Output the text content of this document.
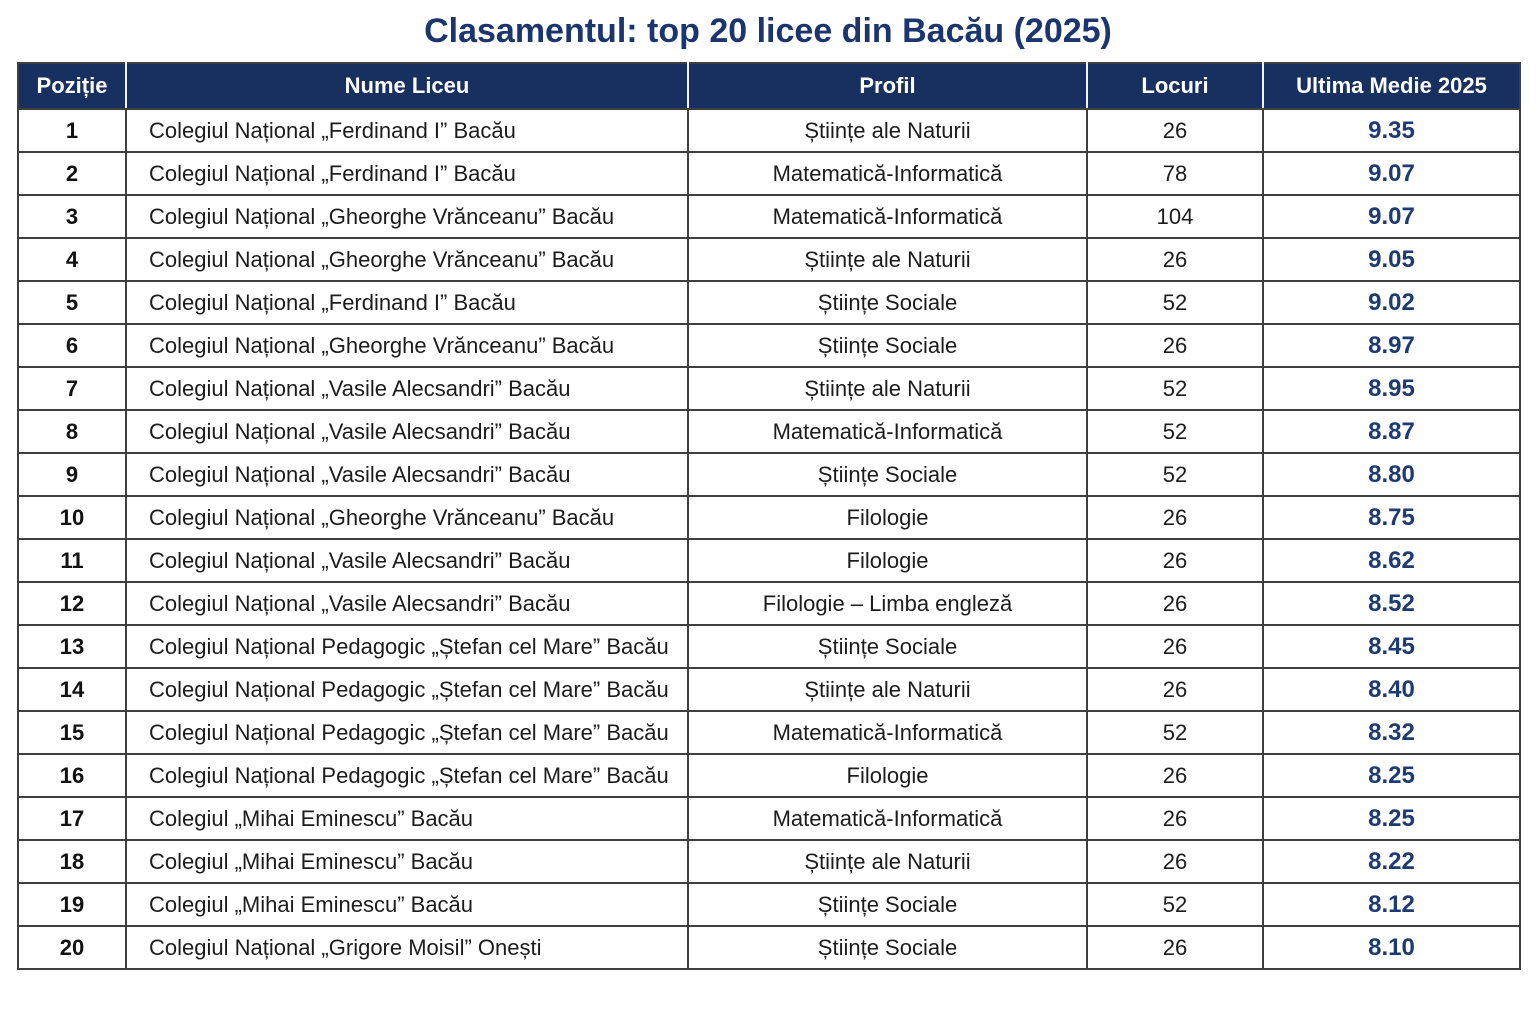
Clasamentul: top 20 licee din Bacău (2025)
Poziție	Nume Liceu	Profil	Locuri	Ultima Medie 2025
1	Colegiul Național „Ferdinand I” Bacău	Științe ale Naturii	26	9.35
2	Colegiul Național „Ferdinand I” Bacău	Matematică-Informatică	78	9.07
3	Colegiul Național „Gheorghe Vrănceanu” Bacău	Matematică-Informatică	104	9.07
4	Colegiul Național „Gheorghe Vrănceanu” Bacău	Științe ale Naturii	26	9.05
5	Colegiul Național „Ferdinand I” Bacău	Științe Sociale	52	9.02
6	Colegiul Național „Gheorghe Vrănceanu” Bacău	Științe Sociale	26	8.97
7	Colegiul Național „Vasile Alecsandri” Bacău	Științe ale Naturii	52	8.95
8	Colegiul Național „Vasile Alecsandri” Bacău	Matematică-Informatică	52	8.87
9	Colegiul Național „Vasile Alecsandri” Bacău	Științe Sociale	52	8.80
10	Colegiul Național „Gheorghe Vrănceanu” Bacău	Filologie	26	8.75
11	Colegiul Național „Vasile Alecsandri” Bacău	Filologie	26	8.62
12	Colegiul Național „Vasile Alecsandri” Bacău	Filologie – Limba engleză	26	8.52
13	Colegiul Național Pedagogic „Ștefan cel Mare” Bacău	Științe Sociale	26	8.45
14	Colegiul Național Pedagogic „Ștefan cel Mare” Bacău	Științe ale Naturii	26	8.40
15	Colegiul Național Pedagogic „Ștefan cel Mare” Bacău	Matematică-Informatică	52	8.32
16	Colegiul Național Pedagogic „Ștefan cel Mare” Bacău	Filologie	26	8.25
17	Colegiul „Mihai Eminescu” Bacău	Matematică-Informatică	26	8.25
18	Colegiul „Mihai Eminescu” Bacău	Științe ale Naturii	26	8.22
19	Colegiul „Mihai Eminescu” Bacău	Științe Sociale	52	8.12
20	Colegiul Național „Grigore Moisil” Onești	Științe Sociale	26	8.10
